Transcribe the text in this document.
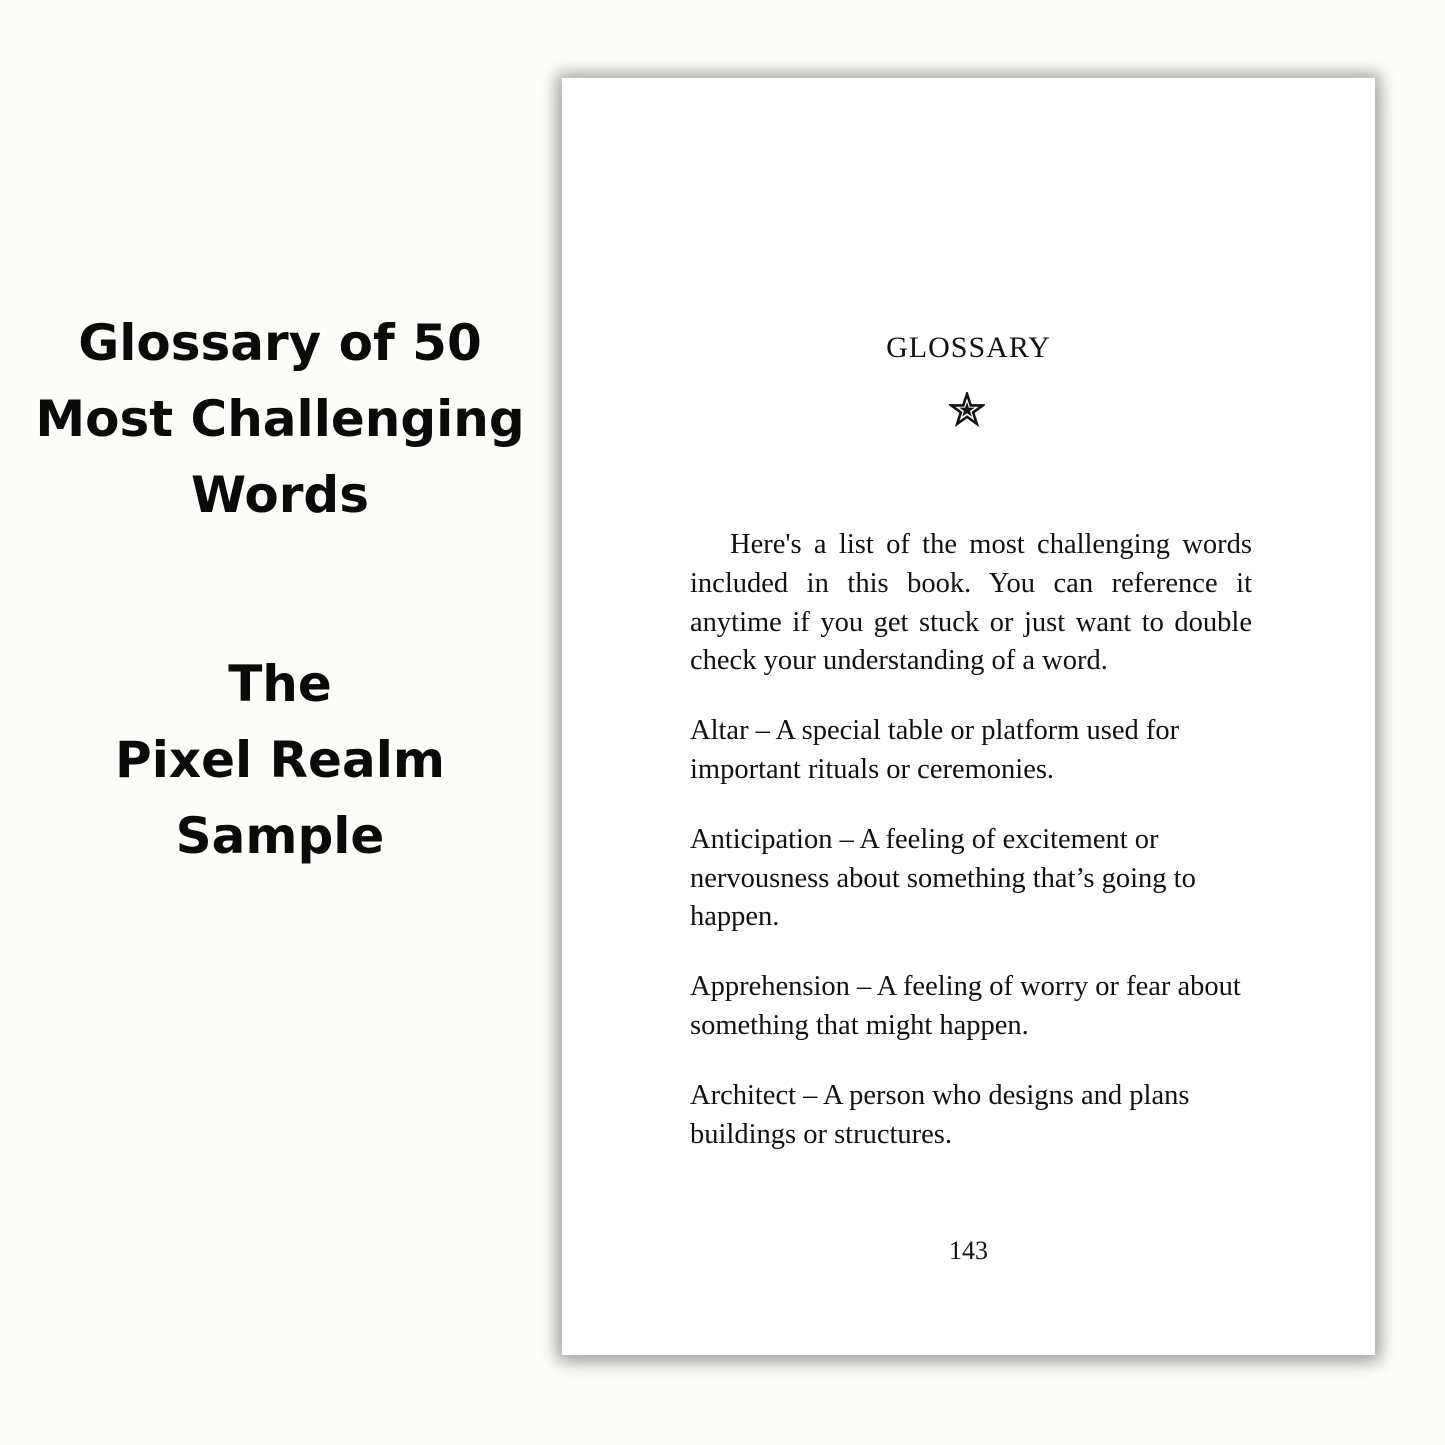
Glossary of 50
Most Challenging
Words
The
Pixel Realm
Sample
GLOSSARY

Here's a list of the most challenging words included in this book. You can reference it anytime if you get stuck or just want to double check your understanding of a word.

Altar – A special table or platform used for important rituals or ceremonies.

Anticipation – A feeling of excitement or nervousness about something that’s going to happen.

Apprehension – A feeling of worry or fear about something that might happen.

Architect – A person who designs and plans buildings or structures.

143
